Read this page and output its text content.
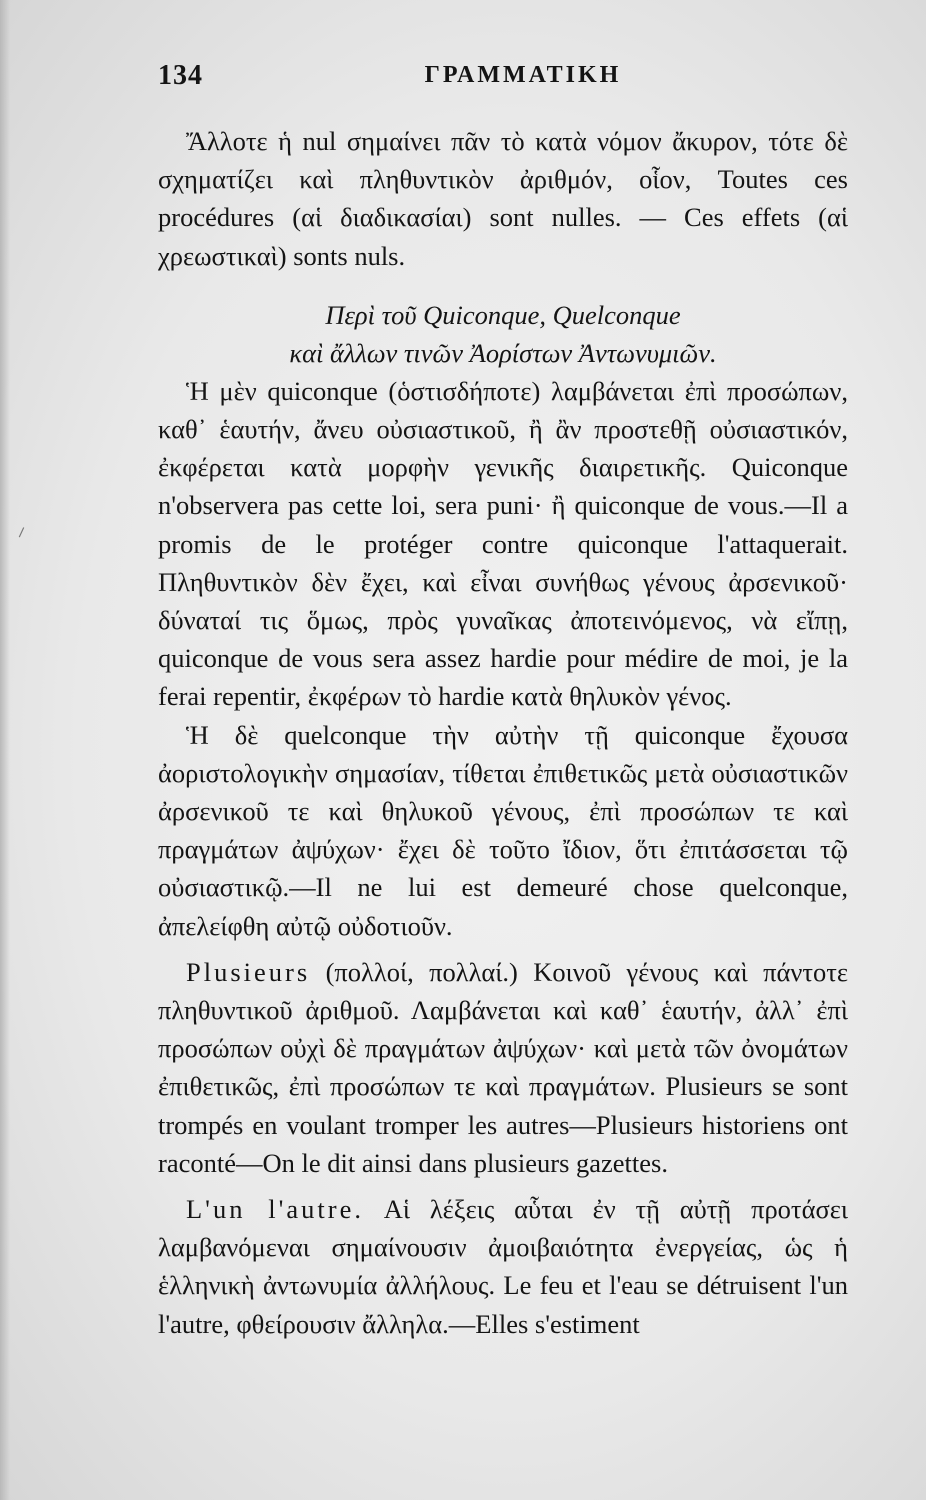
⸝
134	ΓΡΑΜΜΑΤΙΚΗ

Ἄλλοτε ἡ nul σημαίνει πᾶν τὸ κατὰ νόμον ἄκυρον, τότε δὲ σχηματίζει καὶ πληθυντικὸν ἀριθμόν, οἷον, Toutes ces procédures (αἱ διαδικασίαι) sont nulles. — Ces effets (αἱ χρεωστικαὶ) sonts nuls.

Περὶ τοῦ Quiconque, Quelconque
καὶ ἄλλων τινῶν Ἀορίστων Ἀντωνυμιῶν.

Ἡ μὲν quiconque (ὁστισδήποτε) λαμβάνεται ἐπὶ προσώπων, καθ᾽ ἑαυτήν, ἄνευ οὐσιαστικοῦ, ἢ ἂν προστεθῇ οὐσιαστικόν, ἐκφέρεται κατὰ μορφὴν γενικῆς διαιρετικῆς. Quiconque n'observera pas cette loi, sera puni· ἢ quiconque de vous.—Il a promis de le protéger contre quiconque l'attaquerait. Πληθυντικὸν δὲν ἔχει, καὶ εἶναι συνήθως γένους ἀρσενικοῦ· δύναταί τις ὅμως, πρὸς γυναῖκας ἀποτεινόμενος, νὰ εἴπῃ, quiconque de vous sera assez hardie pour médire de moi, je la ferai repentir, ἐκφέρων τὸ hardie κατὰ θηλυκὸν γένος.

Ἡ δὲ quelconque τὴν αὐτὴν τῇ quiconque ἔχουσα ἀοριστολογικὴν σημασίαν, τίθεται ἐπιθετικῶς μετὰ οὐσιαστικῶν ἀρσενικοῦ τε καὶ θηλυκοῦ γένους, ἐπὶ προσώπων τε καὶ πραγμάτων ἀψύχων· ἔχει δὲ τοῦτο ἴδιον, ὅτι ἐπιτάσσεται τῷ οὐσιαστικῷ.—Il ne lui est demeuré chose quelconque, ἀπελείφθη αὐτῷ οὐδοτιοῦν.

Plusieurs (πολλοί, πολλαί.) Κοινοῦ γένους καὶ πάντοτε πληθυντικοῦ ἀριθμοῦ. Λαμβάνεται καὶ καθ᾽ ἑαυτήν, ἀλλ᾽ ἐπὶ προσώπων οὐχὶ δὲ πραγμάτων ἀψύχων· καὶ μετὰ τῶν ὀνομάτων ἐπιθετικῶς, ἐπὶ προσώπων τε καὶ πραγμάτων. Plusieurs se sont trompés en voulant tromper les autres—Plusieurs historiens ont raconté—On le dit ainsi dans plusieurs gazettes.

L'un l'autre. Αἱ λέξεις αὗται ἐν τῇ αὐτῇ προτάσει λαμβανόμεναι σημαίνουσιν ἀμοιβαιότητα ἐνεργείας, ὡς ἡ ἑλληνικὴ ἀντωνυμία ἀλλήλους. Le feu et l'eau se détruisent l'un l'autre, φθείρουσιν ἄλληλα.—Elles s'estiment
